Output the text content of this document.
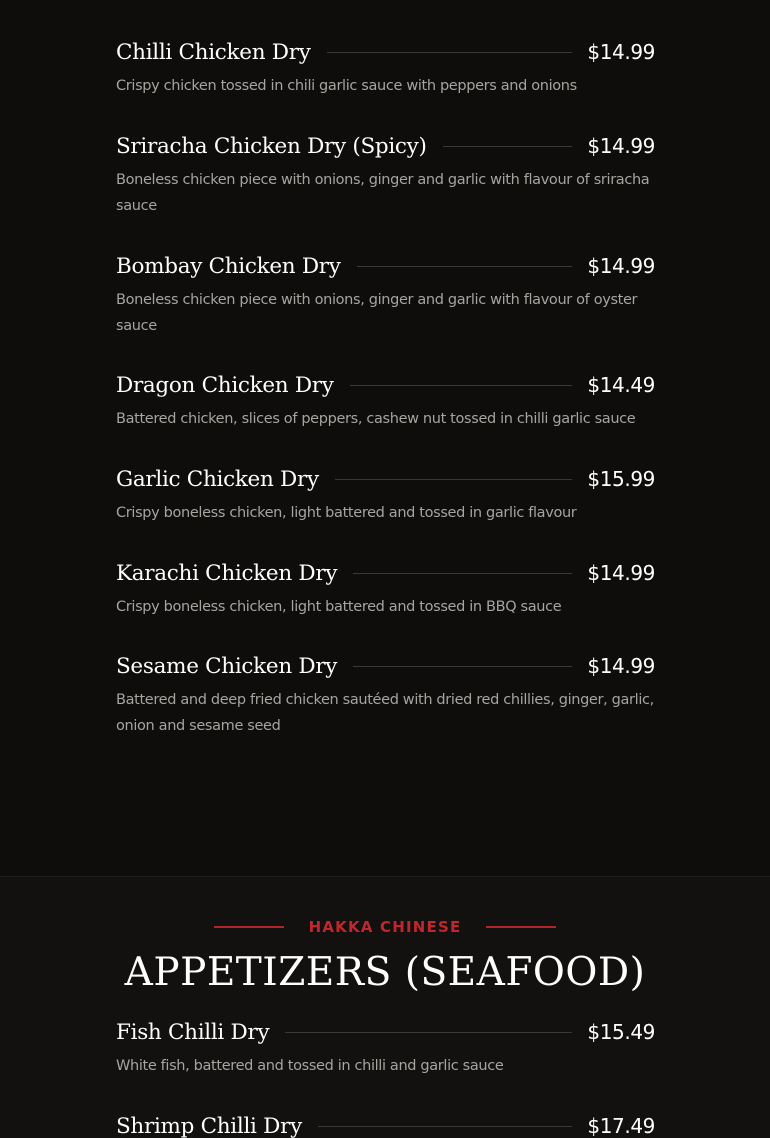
Chilli Chicken Dry	$14.99
Crispy chicken tossed in chili garlic sauce with peppers and onions
Sriracha Chicken Dry (Spicy)	$14.99
Boneless chicken piece with onions, ginger and garlic with flavour of sriracha sauce
Bombay Chicken Dry	$14.99
Boneless chicken piece with onions, ginger and garlic with flavour of oyster sauce
Dragon Chicken Dry	$14.49
Battered chicken, slices of peppers, cashew nut tossed in chilli garlic sauce
Garlic Chicken Dry	$15.99
Crispy boneless chicken, light battered and tossed in garlic flavour
Karachi Chicken Dry	$14.99
Crispy boneless chicken, light battered and tossed in BBQ sauce
Sesame Chicken Dry	$14.99
Battered and deep fried chicken sautéed with dried red chillies, ginger, garlic, onion and sesame seed
HAKKA CHINESE
APPETIZERS (SEAFOOD)
Fish Chilli Dry	$15.49
White fish, battered and tossed in chilli and garlic sauce
Shrimp Chilli Dry	$17.49
